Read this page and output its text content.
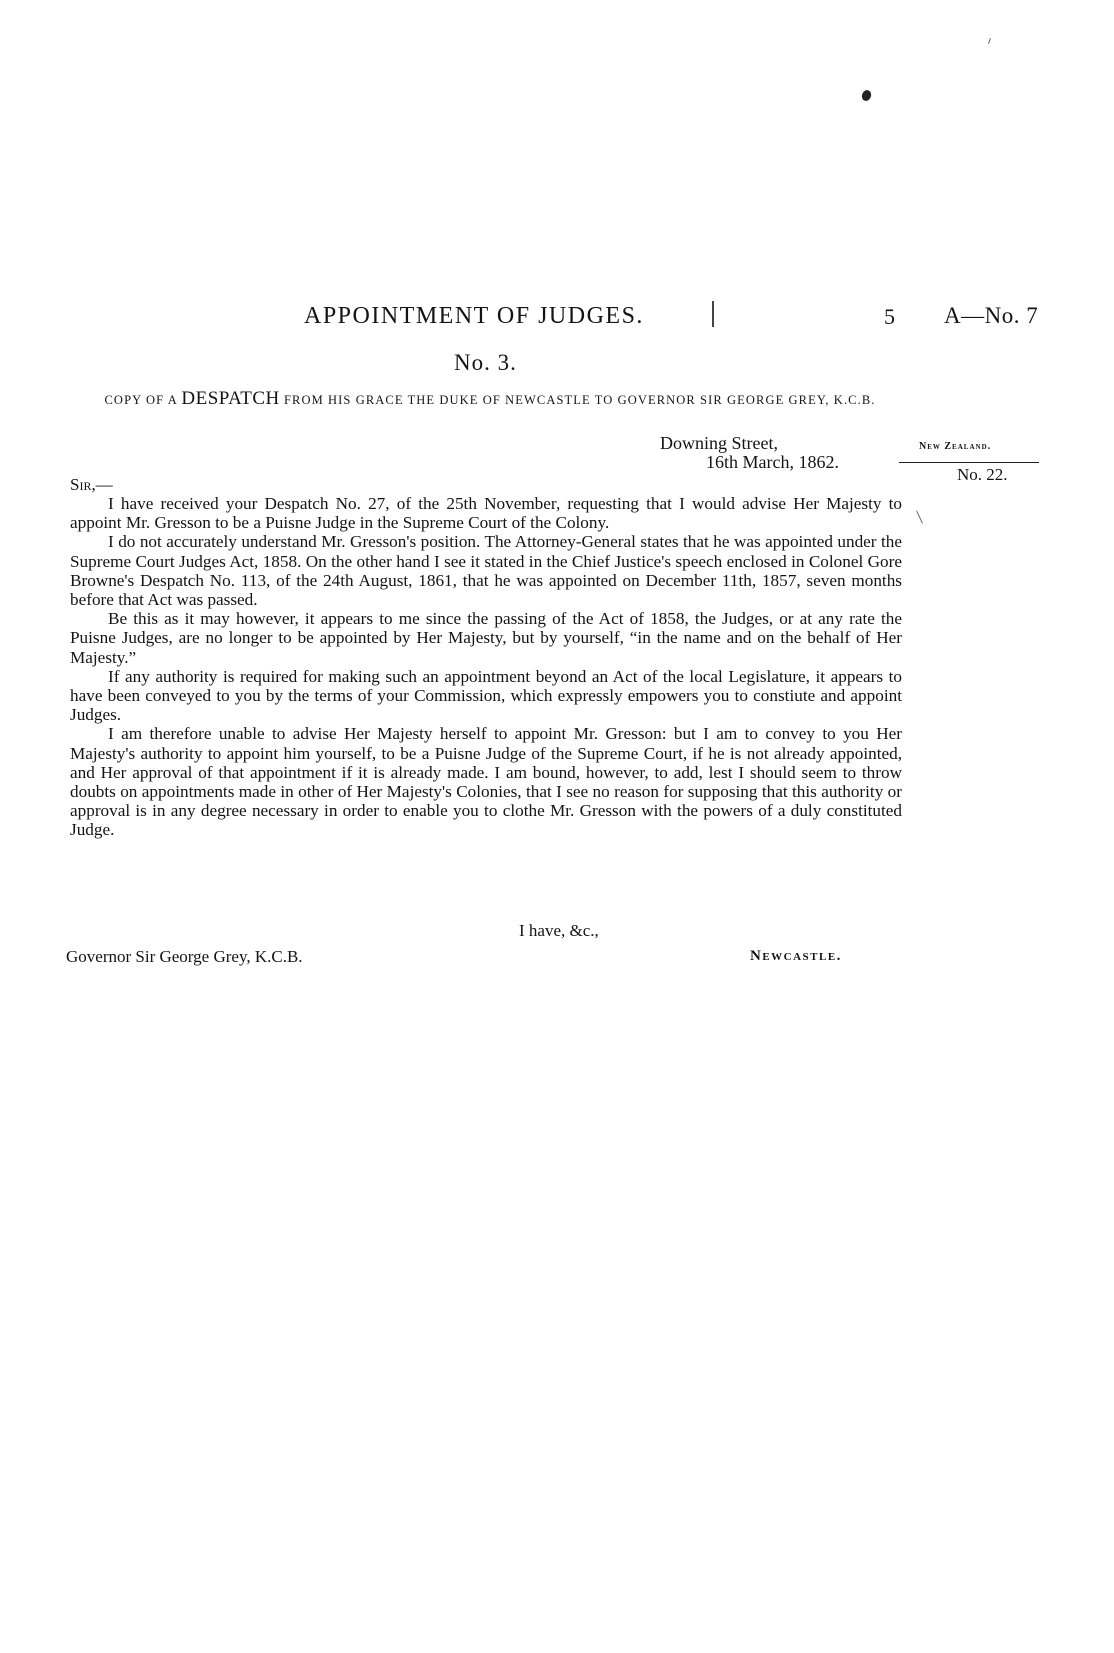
APPOINTMENT OF JUDGES.	5 A—No. 7
No. 3.
COPY OF A DESPATCH FROM HIS GRACE THE DUKE OF NEWCASTLE TO GOVERNOR SIR GEORGE GREY, K.C.B.
Downing Street,
16th March, 1862.
New Zealand.
No. 22.
Sir,—

I have received your Despatch No. 27, of the 25th November, requesting that I would advise Her Majesty to appoint Mr. Gresson to be a Puisne Judge in the Supreme Court of the Colony.

I do not accurately understand Mr. Gresson's position. The Attorney-General states that he was appointed under the Supreme Court Judges Act, 1858. On the other hand I see it stated in the Chief Justice's speech enclosed in Colonel Gore Browne's Despatch No. 113, of the 24th August, 1861, that he was appointed on December 11th, 1857, seven months before that Act was passed.

Be this as it may however, it appears to me since the passing of the Act of 1858, the Judges, or at any rate the Puisne Judges, are no longer to be appointed by Her Majesty, but by yourself, “in the name and on the behalf of Her Majesty.”

If any authority is required for making such an appointment beyond an Act of the local Legislature, it appears to have been conveyed to you by the terms of your Commission, which expressly empowers you to constiute and appoint Judges.

I am therefore unable to advise Her Majesty herself to appoint Mr. Gresson: but I am to convey to you Her Majesty's authority to appoint him yourself, to be a Puisne Judge of the Supreme Court, if he is not already appointed, and Her approval of that appointment if it is already made. I am bound, however, to add, lest I should seem to throw doubts on appointments made in other of Her Majesty's Colonies, that I see no reason for supposing that this authority or approval is in any degree necessary in order to enable you to clothe Mr. Gresson with the powers of a duly constituted Judge.

I have, &c.,
Governor Sir George Grey, K.C.B.	Newcastle.
